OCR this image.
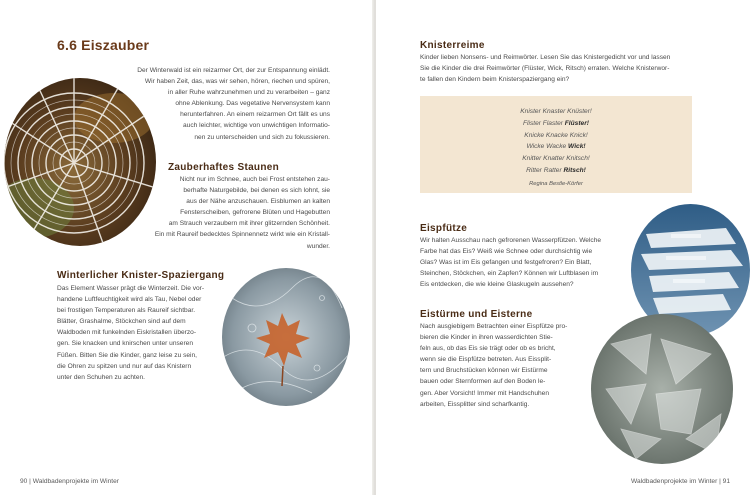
6.6 Eiszauber

Der Winterwald ist ein reizarmer Ort, der zur Entspannung einlädt.

Wir haben Zeit, das, was wir sehen, hören, riechen und spüren,

in aller Ruhe wahrzunehmen und zu verarbeiten – ganz

ohne Ablenkung. Das vegetative Nervensystem kann

herunterfahren. An einem reizarmen Ort fällt es uns

auch leichter, wichtige von unwichtigen Informatio-

nen zu unterscheiden und sich zu fokussieren.

Zauberhaftes Staunen

Nicht nur im Schnee, auch bei Frost entstehen zau-

berhafte Naturgebilde, bei denen es sich lohnt, sie

aus der Nähe anzuschauen. Eisblumen an kalten

Fensterscheiben, gefrorene Blüten und Hagebutten

am Strauch verzaubern mit ihrer glitzernden Schönheit.

Ein mit Raureif bedecktes Spinnennetz wirkt wie ein Kristall-

wunder.

Winterlicher Knister-Spaziergang

Das Element Wasser prägt die Winterzeit. Die vor-

handene Luftfeuchtigkeit wird als Tau, Nebel oder

bei frostigen Temperaturen als Raureif sichtbar.

Blätter, Grashalme, Stöckchen sind auf dem

Waldboden mit funkelnden Eiskristallen überzo-

gen. Sie knacken und knirschen unter unseren

Füßen. Bitten Sie die Kinder, ganz leise zu sein,

die Ohren zu spitzen und nur auf das Knistern

unter den Schuhen zu achten.

90 | Waldbadenprojekte im Winter
Knisterreime

Kinder lieben Nonsens- und Reimwörter. Lesen Sie das Knistergedicht vor und lassen

Sie die Kinder die drei Reimwörter (Flüster, Wick, Ritsch) erraten. Welche Knisterwor-

te fallen den Kindern beim Knisterspaziergang ein?

Knister Knaster Knüster!
Flister Flaster Flüster!
Knicke Knacke Knick!
Wicke Wacke Wick!
Knitter Knatter Knitsch!
Ritter Ratter Ritsch!
Regina Bestle-Körfer
Eispfütze

Wir halten Ausschau nach gefrorenen Wasserpfützen. Welche

Farbe hat das Eis? Weiß wie Schnee oder durchsichtig wie

Glas? Was ist im Eis gefangen und festgefroren? Ein Blatt,

Steinchen, Stöckchen, ein Zapfen? Können wir Luftblasen im

Eis entdecken, die wie kleine Glaskugeln aussehen?

Eistürme und Eisterne

Nach ausgiebigem Betrachten einer Eispfütze pro-

bieren die Kinder in ihren wasserdichten Stie-

feln aus, ob das Eis sie trägt oder ob es bricht,

wenn sie die Eispfütze betreten. Aus Eissplit-

tern und Bruchstücken können wir Eistürme

bauen oder Sternformen auf den Boden le-

gen. Aber Vorsicht! Immer mit Handschuhen

arbeiten, Eissplitter sind scharfkantig.

Waldbadenprojekte im Winter | 91
